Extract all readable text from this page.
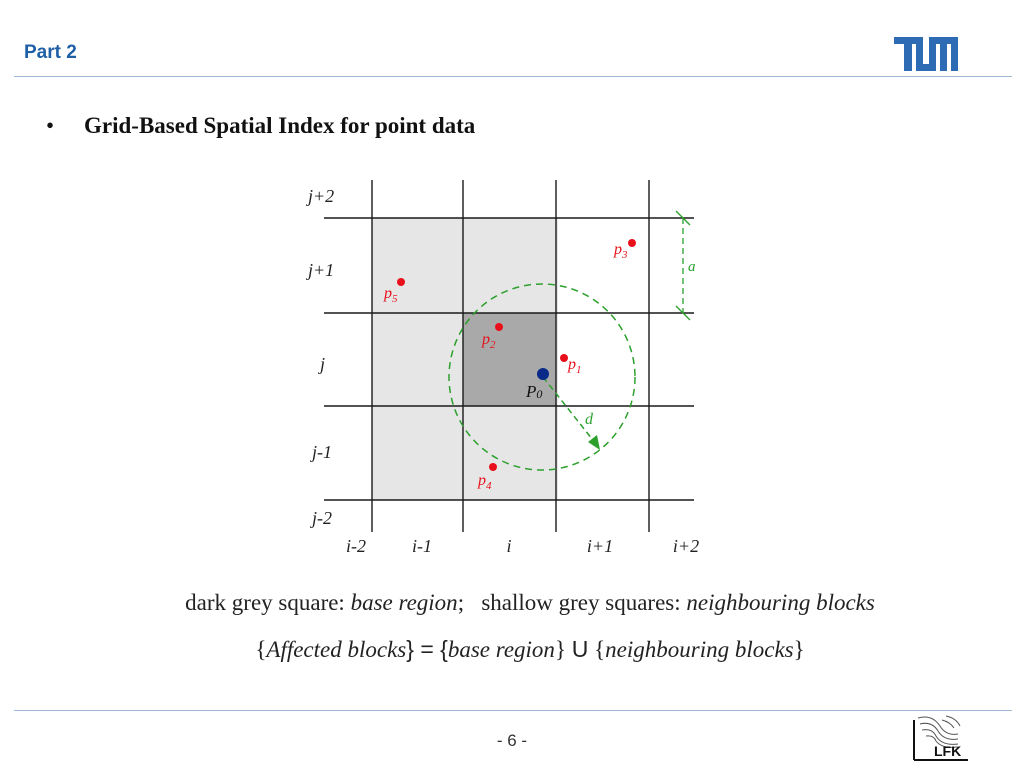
Part 2
• Grid-Based Spatial Index for point data
a
$p_5$
$p_2$
$p_1$
$p_3$
$p_4$
P0
d
j+2
j+1
j
j-1
j-2
i-2	i-1	i	i+1	i+2
dark grey square: base region;   shallow grey squares: neighbouring blocks
{Affected blocks} = {base region} U {neighbouring blocks}
- 6 -
LFK
